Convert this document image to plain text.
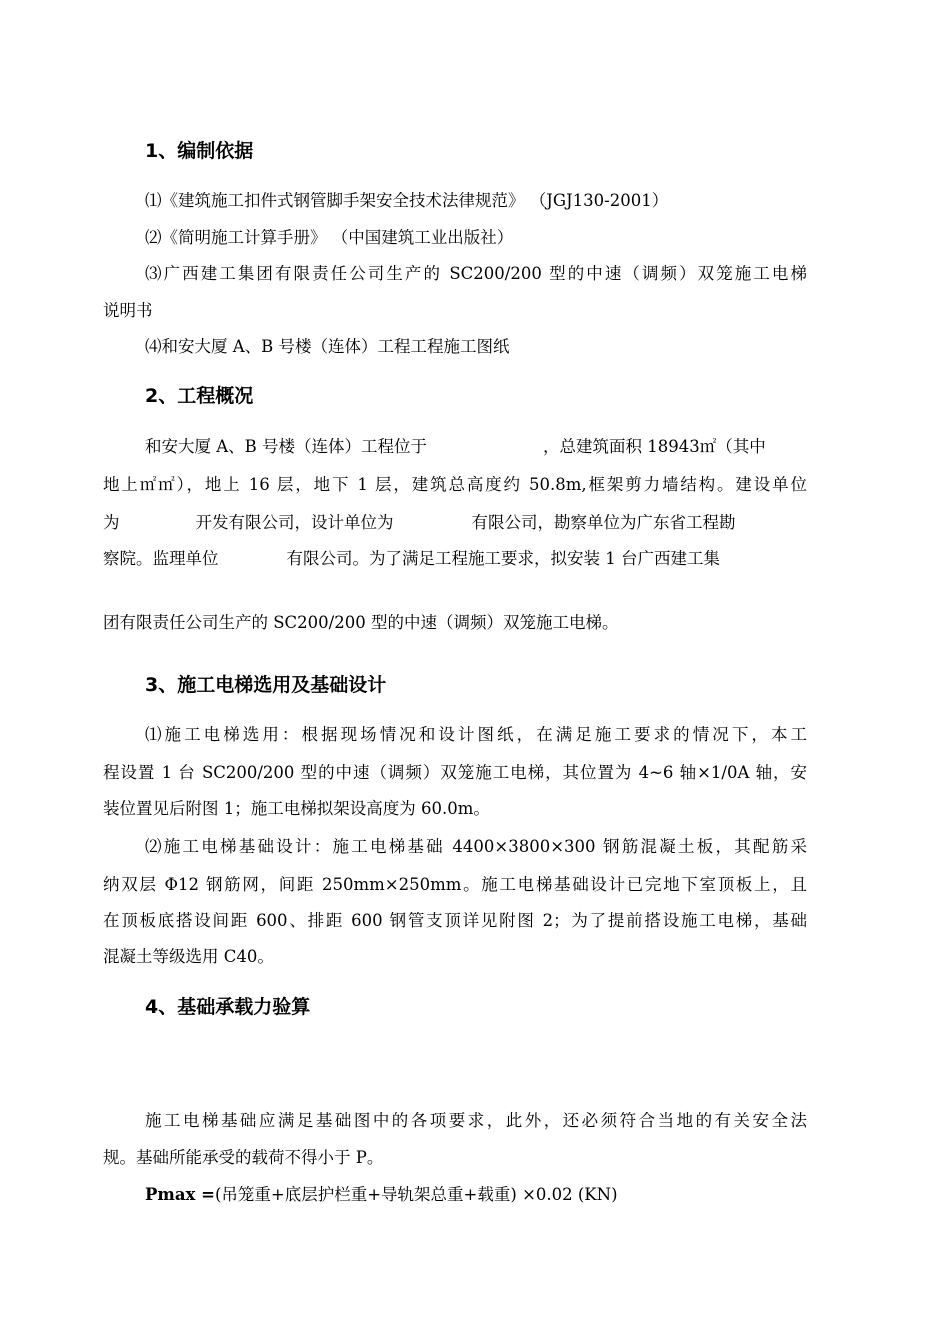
1、编制依据
⑴《建筑施工扣件式钢管脚手架安全技术法律规范》 （JGJ130-2001）
⑵《简明施工计算手册》 （中国建筑工业出版社）
⑶广西建工集团有限责任公司生产的 SC200/200 型的中速（调频）双笼施工电梯
说明书
⑷和安大厦 A、B 号楼（连体）工程工程施工图纸
2、工程概况
和安大厦 A、B 号楼（连体）工程位于	，总建筑面积 18943㎡（其中
地上㎡㎡），地上 16 层，地下 1 层，建筑总高度约 50.8m,框架剪力墙结构。建设单位
为	开发有限公司，设计单位为	有限公司，勘察单位为广东省工程勘
察院。监理单位	有限公司。为了满足工程施工要求，拟安装 1 台广西建工集
团有限责任公司生产的 SC200/200 型的中速（调频）双笼施工电梯。
3、施工电梯选用及基础设计
⑴施工电梯选用：根据现场情况和设计图纸，在满足施工要求的情况下，本工
程设置 1 台 SC200/200 型的中速（调频）双笼施工电梯，其位置为 4~6 轴×1/0A 轴，安
装位置见后附图 1；施工电梯拟架设高度为 60.0m。
⑵施工电梯基础设计：施工电梯基础 4400×3800×300 钢筋混凝土板，其配筋采
纳双层 Φ12 钢筋网，间距 250mm×250mm。施工电梯基础设计已完地下室顶板上，且
在顶板底搭设间距 600、排距 600 钢管支顶详见附图 2；为了提前搭设施工电梯，基础
混凝土等级选用 C40。
4、基础承载力验算
施工电梯基础应满足基础图中的各项要求，此外，还必须符合当地的有关安全法
规。基础所能承受的载荷不得小于 P。
Pmax =(吊笼重+底层护栏重+导轨架总重+载重) ×0.02 (KN)
